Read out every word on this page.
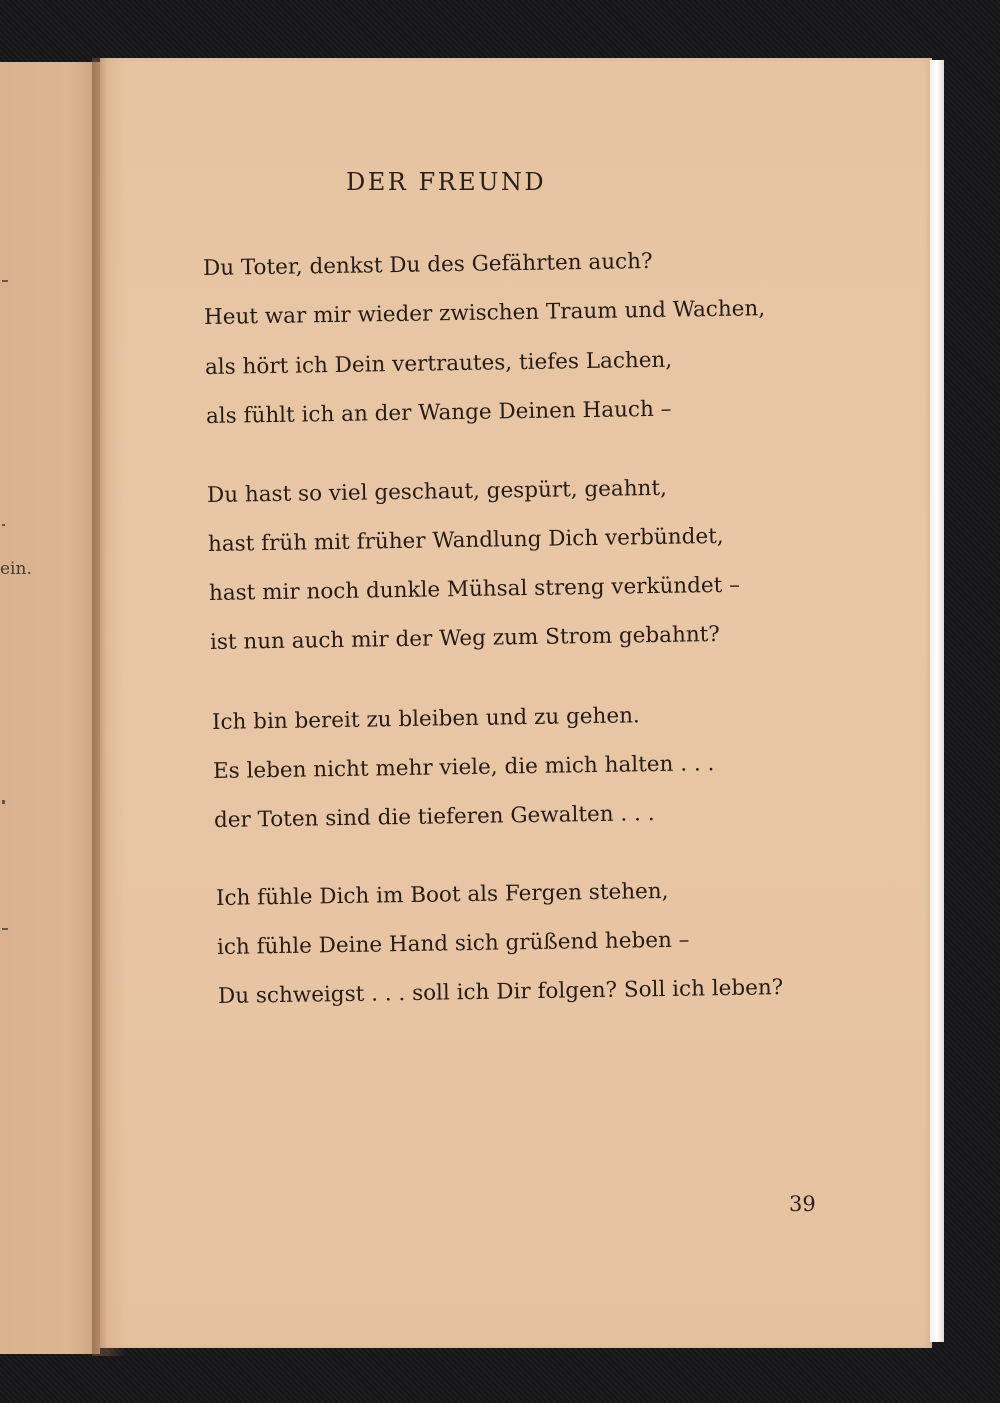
ein.
DER FREUND
Du Toter, denkst Du des Gefährten auch?
Heut war mir wieder zwischen Traum und Wachen,
als hört ich Dein vertrautes, tiefes Lachen,
als fühlt ich an der Wange Deinen Hauch –
Du hast so viel geschaut, gespürt, geahnt,
hast früh mit früher Wandlung Dich verbündet,
hast mir noch dunkle Mühsal streng verkündet –
ist nun auch mir der Weg zum Strom gebahnt?
Ich bin bereit zu bleiben und zu gehen.
Es leben nicht mehr viele, die mich halten . . .
der Toten sind die tieferen Gewalten . . .
Ich fühle Dich im Boot als Fergen stehen,
ich fühle Deine Hand sich grüßend heben –
Du schweigst . . . soll ich Dir folgen? Soll ich leben?
39
